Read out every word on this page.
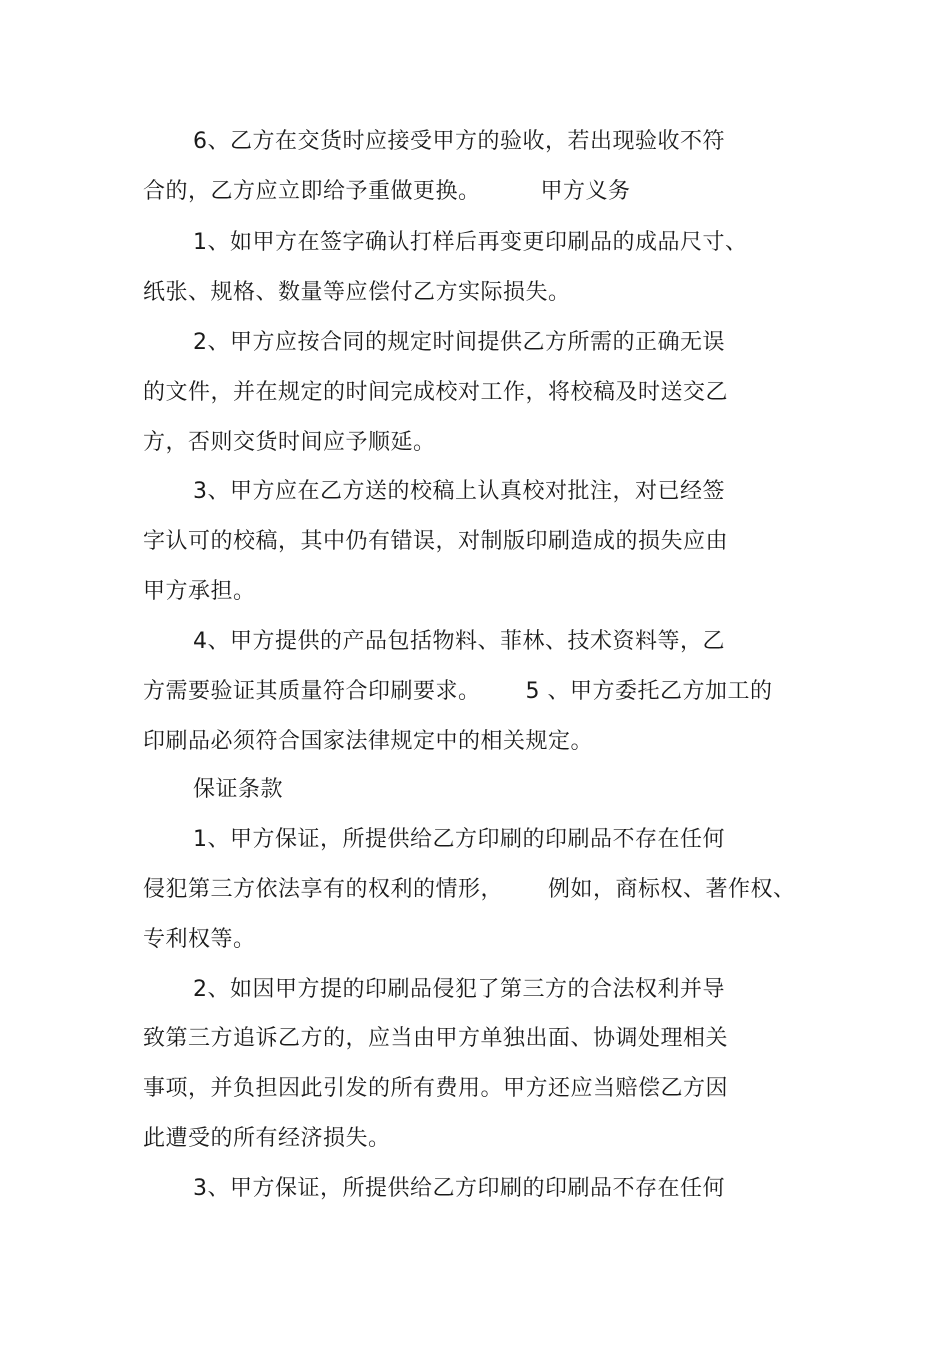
6、乙方在交货时应接受甲方的验收，若出现验收不符
合的，乙方应立即给予重做更换。        甲方义务
1、如甲方在签字确认打样后再变更印刷品的成品尺寸、
纸张、规格、数量等应偿付乙方实际损失。
2、甲方应按合同的规定时间提供乙方所需的正确无误
的文件，并在规定的时间完成校对工作，将校稿及时送交乙
方，否则交货时间应予顺延。
3、甲方应在乙方送的校稿上认真校对批注，对已经签
字认可的校稿，其中仍有错误，对制版印刷造成的损失应由
甲方承担。
4、甲方提供的产品包括物料、菲林、技术资料等，乙
方需要验证其质量符合印刷要求。      5 、甲方委托乙方加工的
印刷品必须符合国家法律规定中的相关规定。
保证条款
1、甲方保证，所提供给乙方印刷的印刷品不存在任何
侵犯第三方依法享有的权利的情形，      例如，商标权、著作权、
专利权等。
2、如因甲方提的印刷品侵犯了第三方的合法权利并导
致第三方追诉乙方的，应当由甲方单独出面、协调处理相关
事项，并负担因此引发的所有费用。甲方还应当赔偿乙方因
此遭受的所有经济损失。
3、甲方保证，所提供给乙方印刷的印刷品不存在任何
